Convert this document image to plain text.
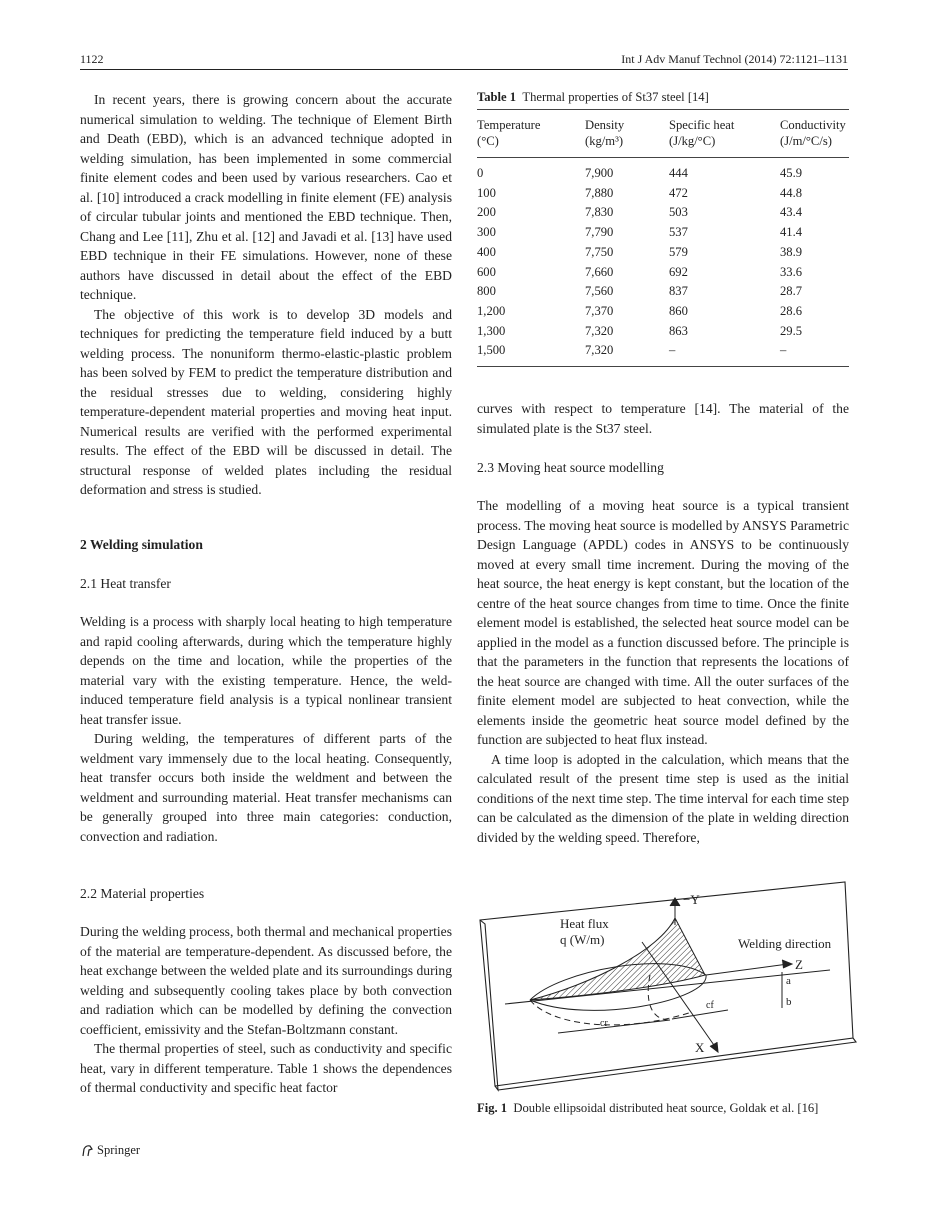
1122	Int J Adv Manuf Technol (2014) 72:1121–1131

In recent years, there is growing concern about the accurate numerical simulation to welding. The technique of Element Birth and Death (EBD), which is an advanced technique adopted in welding simulation, has been implemented in some commercial finite element codes and been used by various researchers. Cao et al. [10] introduced a crack modelling in finite element (FE) analysis of circular tubular joints and mentioned the EBD technique. Then, Chang and Lee [11], Zhu et al. [12] and Javadi et al. [13] have used EBD technique in their FE simulations. However, none of these authors have discussed in detail about the effect of the EBD technique.

The objective of this work is to develop 3D models and techniques for predicting the temperature field induced by a butt welding process. The nonuniform thermo-elastic-plastic problem has been solved by FEM to predict the temperature distribution and the residual stresses due to welding, considering highly temperature-dependent material properties and moving heat input. Numerical results are verified with the performed experimental results. The effect of the EBD will be discussed in detail. The structural response of welded plates including the residual deformation and stress is studied.

2 Welding simulation
2.1 Heat transfer

Welding is a process with sharply local heating to high temperature and rapid cooling afterwards, during which the temperature highly depends on the time and location, while the properties of the material vary with the existing temperature. Hence, the weld-induced temperature field analysis is a typical nonlinear transient heat transfer issue.

During welding, the temperatures of different parts of the weldment vary immensely due to the local heating. Consequently, heat transfer occurs both inside the weldment and between the weldment and surrounding material. Heat transfer mechanisms can be generally grouped into three main categories: conduction, convection and radiation.

2.2 Material properties

During the welding process, both thermal and mechanical properties of the material are temperature-dependent. As discussed before, the heat exchange between the welded plate and its surroundings during welding and subsequently cooling takes place by both convection and radiation which can be modelled by defining the convection coefficient, emissivity and the Stefan-Boltzmann constant.

The thermal properties of steel, such as conductivity and specific heat, vary in different temperature. Table 1 shows the dependences of thermal conductivity and specific heat factor

Table 1 Thermal properties of St37 steel [14]
Temperature	Density	Specific heat	Conductivity
(°C)	(kg/m³)	(J/kg/°C)	(J/m/°C/s)
0	7,900	444	45.9
100	7,880	472	44.8
200	7,830	503	43.4
300	7,790	537	41.4
400	7,750	579	38.9
600	7,660	692	33.6
800	7,560	837	28.7
1,200	7,370	860	28.6
1,300	7,320	863	29.5
1,500	7,320	–	–

curves with respect to temperature [14]. The material of the simulated plate is the St37 steel.

2.3 Moving heat source modelling

The modelling of a moving heat source is a typical transient process. The moving heat source is modelled by ANSYS Parametric Design Language (APDL) codes in ANSYS to be continuously moved at every small time increment. During the moving of the heat source, the heat energy is kept constant, but the location of the centre of the heat source changes from time to time. Once the finite element model is established, the selected heat source model can be applied in the model as a function discussed before. The principle is that the parameters in the function that represents the locations of the heat source are changed with time. All the outer surfaces of the finite element model are subjected to heat convection, while the elements inside the geometric heat source model defined by the function are subjected to heat flux instead.

A time loop is adopted in the calculation, which means that the calculated result of the present time step is used as the initial conditions of the next time step. The time interval for each time step can be calculated as the dimension of the plate in welding direction divided by the welding speed. Therefore,

Heat flux
q (W/m)
−Y
Welding direction
Z
a
b
cf
cr
X
Fig. 1 Double ellipsoidal distributed heat source, Goldak et al. [16]
Springer
